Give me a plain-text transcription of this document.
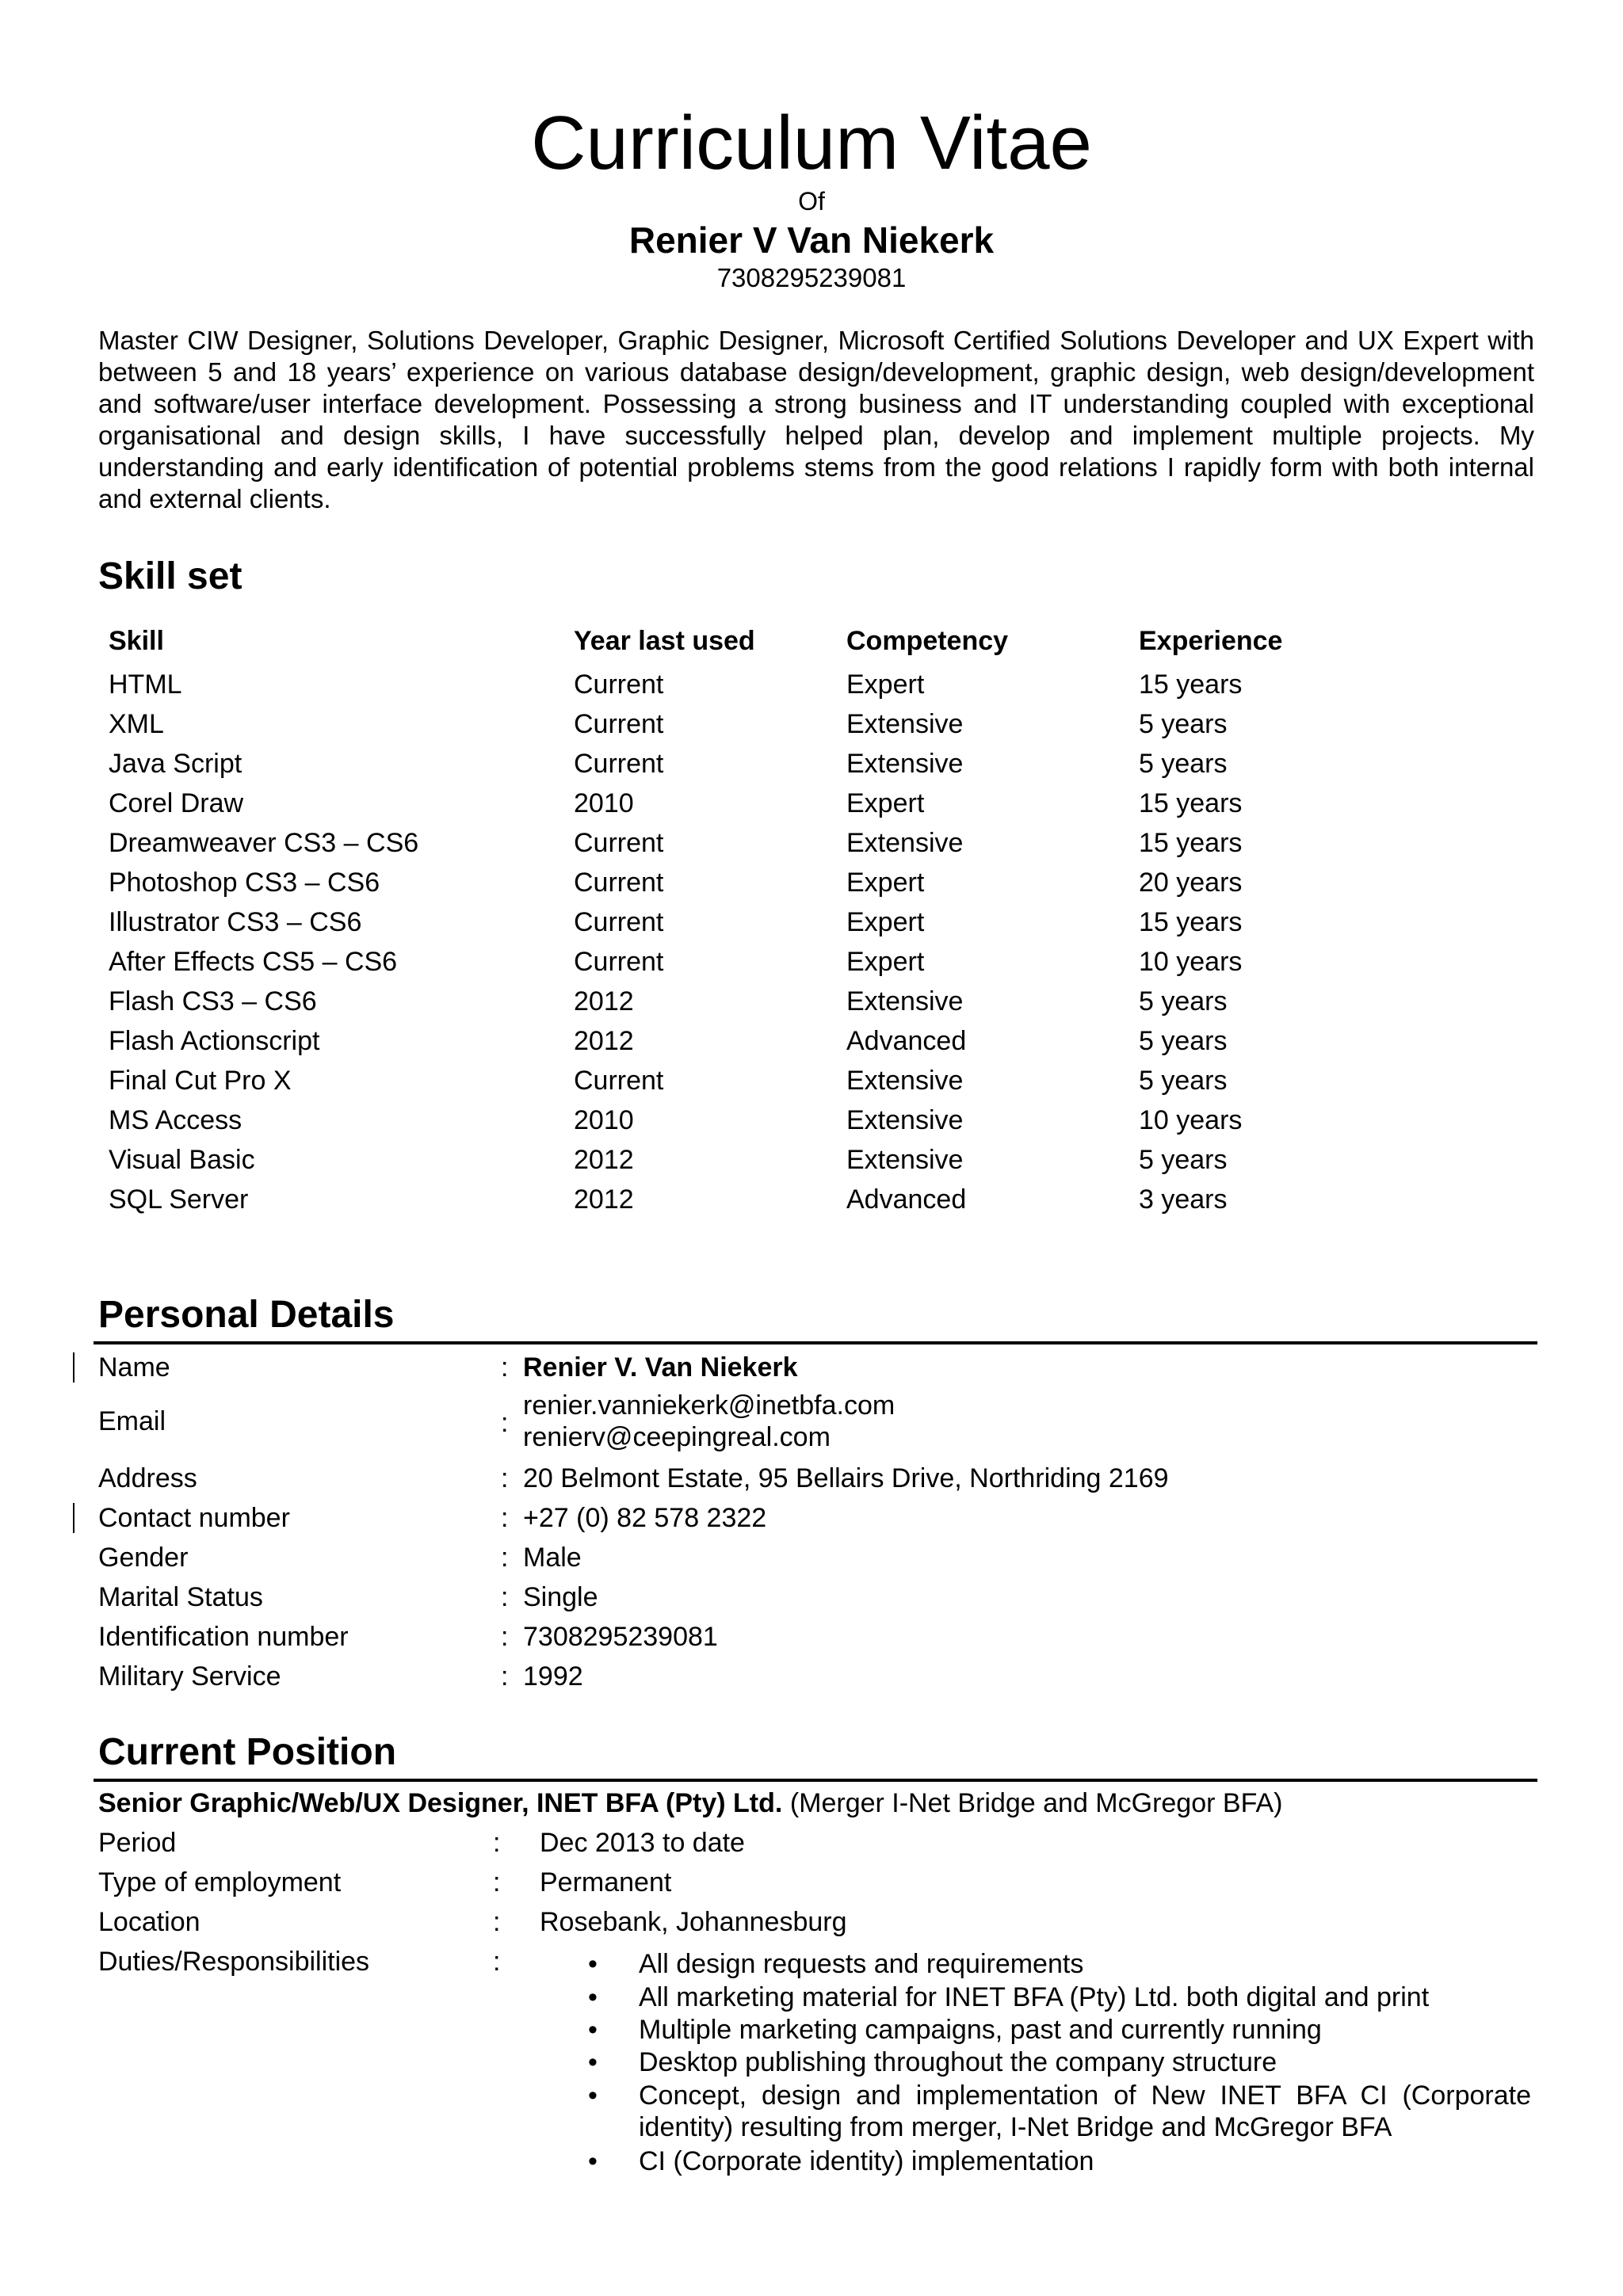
Curriculum Vitae
Of
Renier V Van Niekerk
7308295239081
Master CIW Designer, Solutions Developer, Graphic Designer, Microsoft Certified Solutions Developer and UX Expert with between 5 and 18 years’ experience on various database design/development, graphic design, web design/development and software/user interface development. Possessing a strong business and IT understanding coupled with exceptional organisational and design skills, I have successfully helped plan, develop and implement multiple projects. My understanding and early identification of potential problems stems from the good relations I rapidly form with both internal and external clients.
Skill set
Skill	Year last used	Competency	Experience
HTML	Current	Expert	15 years
XML	Current	Extensive	5 years
Java Script	Current	Extensive	5 years
Corel Draw	2010	Expert	15 years
Dreamweaver CS3 – CS6	Current	Extensive	15 years
Photoshop CS3 – CS6	Current	Expert	20 years
Illustrator CS3 – CS6	Current	Expert	15 years
After Effects CS5 – CS6	Current	Expert	10 years
Flash CS3 – CS6	2012	Extensive	5 years
Flash Actionscript	2012	Advanced	5 years
Final Cut Pro X	Current	Extensive	5 years
MS Access	2010	Extensive	10 years
Visual Basic	2012	Extensive	5 years
SQL Server	2012	Advanced	3 years
Personal Details
Name	: Renier V. Van Niekerk
Email	:
renier.vanniekerk@inetbfa.com
renierv@ceepingreal.com
Address	: 20 Belmont Estate, 95 Bellairs Drive, Northriding 2169
Contact number	: +27 (0) 82 578 2322
Gender	: Male
Marital Status	: Single
Identification number	: 7308295239081
Military Service	: 1992
Current Position
Senior Graphic/Web/UX Designer, INET BFA (Pty) Ltd. (Merger I-Net Bridge and McGregor BFA)
Period	: Dec 2013 to date
Type of employment	: Permanent
Location	: Rosebank, Johannesburg
Duties/Responsibilities	:	• All design requests and requirements
• All marketing material for INET BFA (Pty) Ltd. both digital and print
• Multiple marketing campaigns, past and currently running
• Desktop publishing throughout the company structure
• Concept, design and implementation of New INET BFA CI (Corporate identity) resulting from merger, I-Net Bridge and McGregor BFA
• CI (Corporate identity) implementation
